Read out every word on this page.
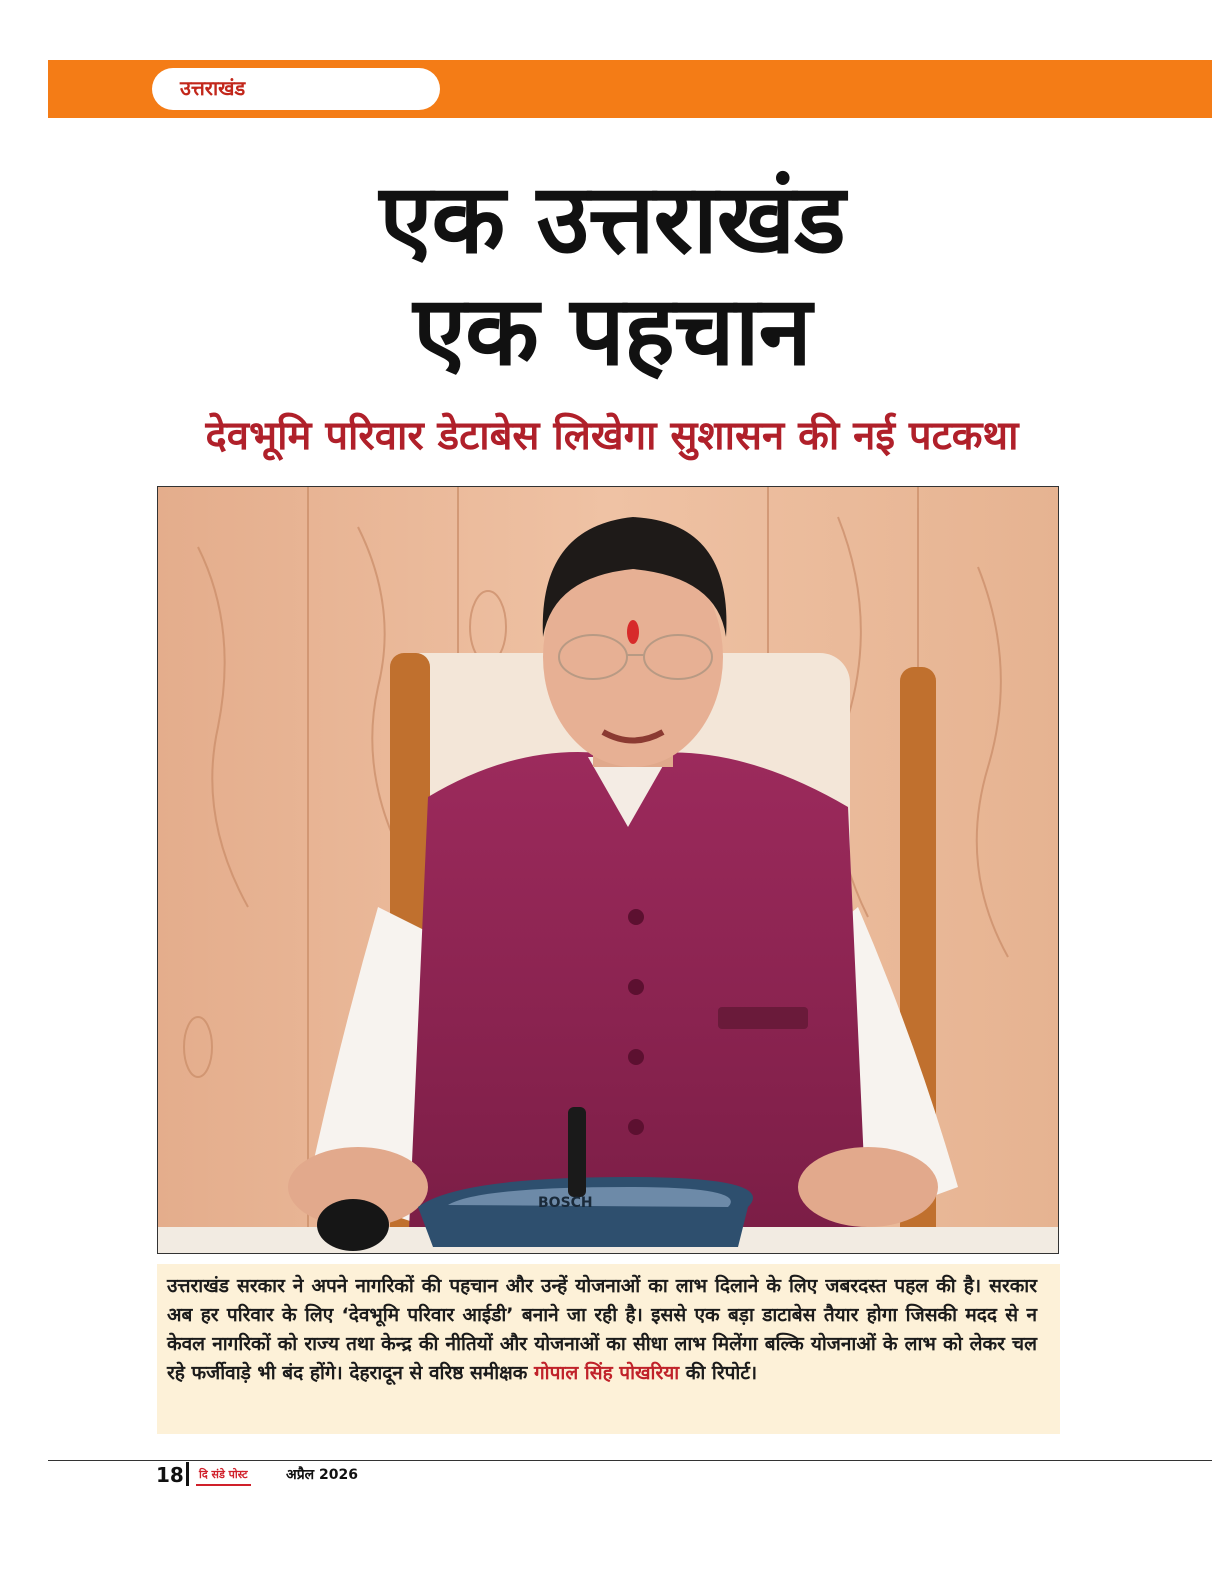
उत्तराखंड
एक उत्तराखंड
एक पहचान
देवभूमि परिवार डेटाबेस लिखेगा सुशासन की नई पटकथा
BOSCH
उत्तराखंड सरकार ने अपने नागरिकों की पहचान और उन्हें योजनाओं का लाभ दिलाने के लिए जबरदस्त पहल की है। सरकार अब हर परिवार के लिए ‘देवभूमि परिवार आईडी’ बनाने जा रही है। इससे एक बड़ा डाटाबेस तैयार होगा जिसकी मदद से न केवल नागरिकों को राज्य तथा केन्द्र की नीतियों और योजनाओं का सीधा लाभ मिलेंगा बल्कि योजनाओं के लाभ को लेकर चल रहे फर्जीवाड़े भी बंद होंगे। देहरादून से वरिष्ठ समीक्षक गोपाल सिंह पोखरिया की रिपोर्ट।
18 दि संडे पोस्ट	अप्रैल 2026
